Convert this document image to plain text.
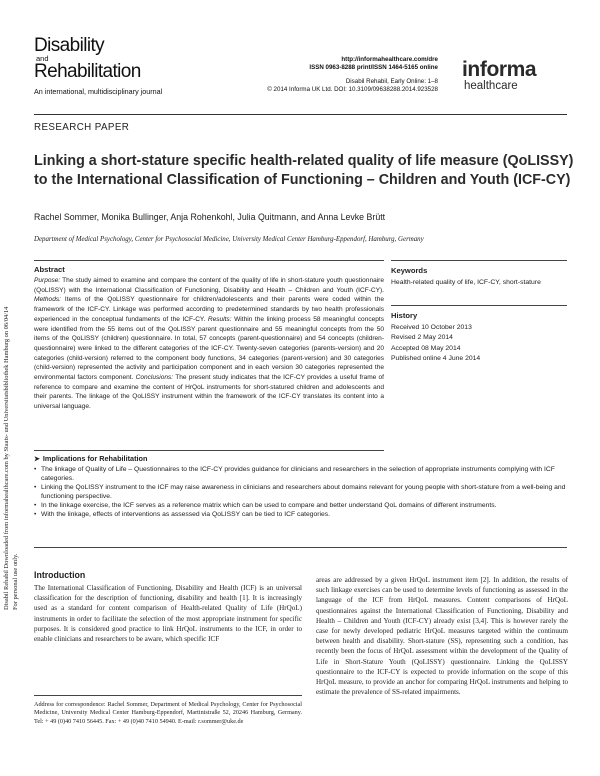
Disabil Rehabil Downloaded from informahealthcare.com by Staats- und Universitatsbibliothek Hamburg on 06/04/14 For personal use only.
Disability
and
Rehabilitation
An international, multidisciplinary journal
http://informahealthcare.com/dre
ISSN 0963-8288 print/ISSN 1464-5165 online
Disabil Rehabil, Early Online: 1–8
© 2014 Informa UK Ltd. DOI: 10.3109/09638288.2014.923528
informa
healthcare
RESEARCH PAPER
Linking a short-stature specific health-related quality of life measure (QoLISSY) to the International Classification of Functioning – Children and Youth (ICF-CY)
Rachel Sommer, Monika Bullinger, Anja Rohenkohl, Julia Quitmann, and Anna Levke Brütt
Department of Medical Psychology, Center for Psychosocial Medicine, University Medical Center Hamburg-Eppendorf, Hamburg, Germany
Abstract
Purpose: The study aimed to examine and compare the content of the quality of life in short-stature youth questionnaire (QoLISSY) with the International Classification of Functioning, Disability and Health – Children and Youth (ICF-CY). Methods: Items of the QoLISSY questionnaire for children/adolescents and their parents were coded within the framework of the ICF-CY. Linkage was performed according to predetermined standards by two health professionals experienced in the conceptual fundaments of the ICF-CY. Results: Within the linking process 58 meaningful concepts were identified from the 55 items out of the QoLISSY parent questionnaire and 55 meaningful concepts from the 50 items of the QoLISSY (children) questionnaire. In total, 57 concepts (parent-questionnaire) and 54 concepts (children-questionnaire) were linked to the different categories of the ICF-CY. Twenty-seven categories (parents-version) and 20 categories (child-version) referred to the component body functions, 34 categories (parent-version) and 30 categories (child-version) represented the activity and participation component and in each version 30 categories represented the environmental factors component. Conclusions: The present study indicates that the ICF-CY provides a useful frame of reference to compare and examine the content of HrQoL instruments for short-statured children and adolescents and their parents. The linkage of the QoLISSY instrument within the framework of the ICF-CY translates its content into a universal language.
Keywords
Health-related quality of life, ICF-CY, short-stature
History
Received 10 October 2013
Revised 2 May 2014
Accepted 08 May 2014
Published online 4 June 2014
➤ Implications for Rehabilitation
• The linkage of Quality of Life – Questionnaires to the ICF-CY provides guidance for clinicians and researchers in the selection of appropriate instruments complying with ICF categories.
• Linking the QoLISSY instrument to the ICF may raise awareness in clinicians and researchers about domains relevant for young people with short-stature from a well-being and functioning perspective.
• In the linkage exercise, the ICF serves as a reference matrix which can be used to compare and better understand QoL domains of different instruments.
• With the linkage, effects of interventions as assessed via QoLISSY can be tied to ICF categories.
Introduction
The International Classification of Functioning, Disability and Health (ICF) is an universal classification for the description of functioning, disability and health [1]. It is increasingly used as a standard for content comparison of Health-related Quality of Life (HrQoL) instruments in order to facilitate the selection of the most appropriate instrument for specific purposes. It is considered good practice to link HrQoL instruments to the ICF, in order to enable clinicians and researchers to be aware, which specific ICF
areas are addressed by a given HrQoL instrument item [2]. In addition, the results of such linkage exercises can be used to determine levels of functioning as assessed in the language of the ICF from HrQoL measures. Content comparisons of HrQoL questionnaires against the International Classification of Functioning, Disability and Health – Children and Youth (ICF-CY) already exist [3,4]. This is however rarely the case for newly developed pediatric HrQoL measures targeted within the continuum between health and disability. Short-stature (SS), representing such a condition, has recently been the focus of HrQoL assessment within the development of the Quality of Life in Short-Stature Youth (QoLISSY) questionnaire. Linking the QoLISSY questionnaire to the ICF-CY is expected to provide information on the scope of this HrQoL measure, to provide an anchor for comparing HrQoL instruments and helping to estimate the prevalence of SS-related impairments.
Address for correspondence: Rachel Sommer, Department of Medical Psychology, Center for Psychosocial Medicine, University Medical Center Hamburg-Eppendorf, Martinistraße 52, 20246 Hamburg, Germany. Tel: + 49 (0)40 7410 56445. Fax: + 49 (0)40 7410 54940. E-mail: r.sommer@uke.de
